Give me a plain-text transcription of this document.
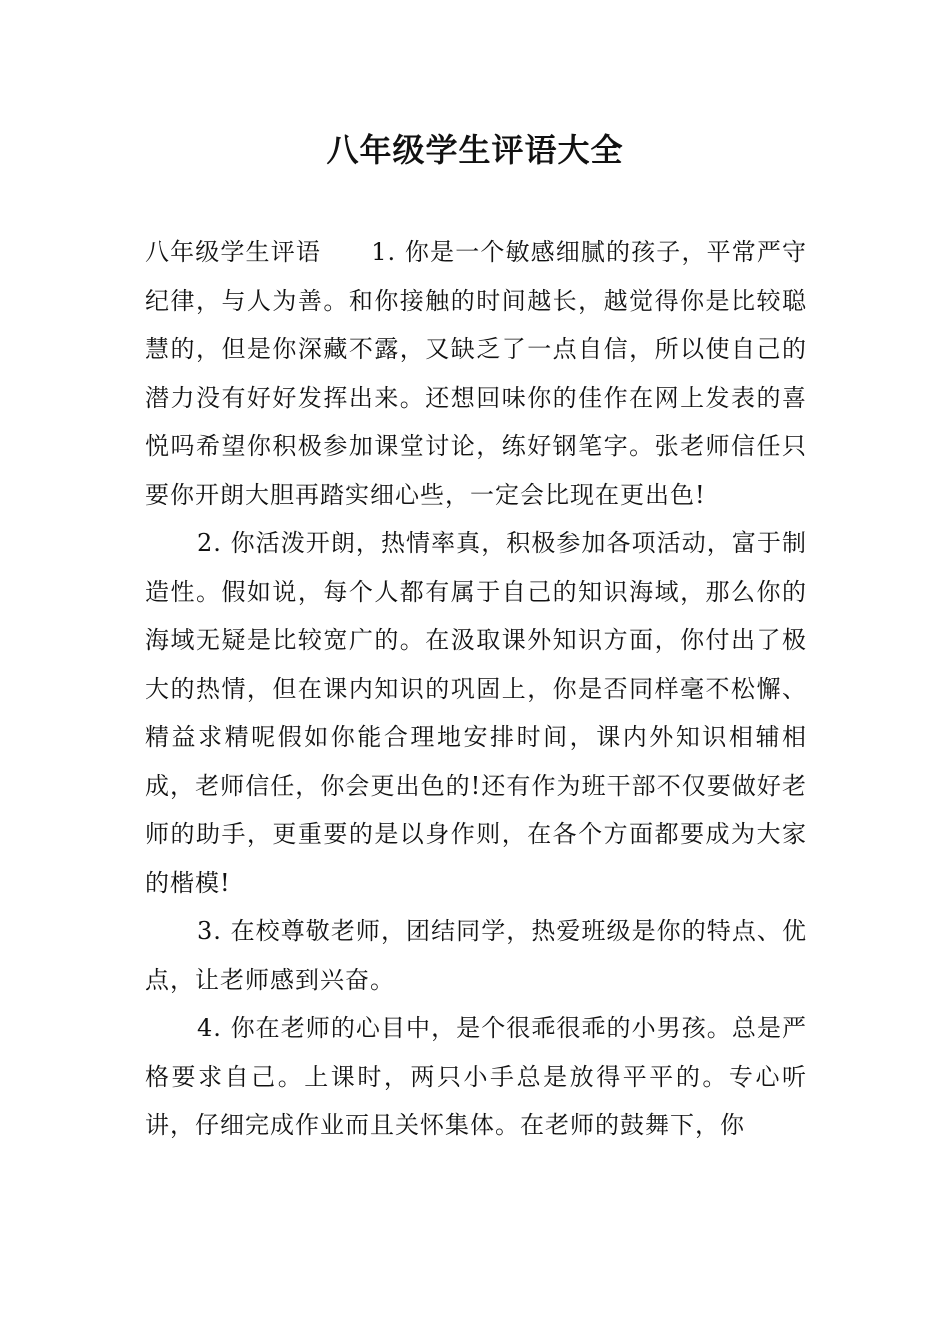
八年级学生评语大全

八年级学生评语　　1. 你是一个敏感细腻的孩子，平常严守纪律，与人为善。和你接触的时间越长，越觉得你是比较聪慧的，但是你深藏不露，又缺乏了一点自信，所以使自己的潜力没有好好发挥出来。还想回味你的佳作在网上发表的喜悦吗希望你积极参加课堂讨论，练好钢笔字。张老师信任只要你开朗大胆再踏实细心些，一定会比现在更出色!

2. 你活泼开朗，热情率真，积极参加各项活动，富于制造性。假如说，每个人都有属于自己的知识海域，那么你的海域无疑是比较宽广的。在汲取课外知识方面，你付出了极大的热情，但在课内知识的巩固上，你是否同样毫不松懈、精益求精呢假如你能合理地安排时间，课内外知识相辅相成，老师信任，你会更出色的!还有作为班干部不仅要做好老师的助手，更重要的是以身作则，在各个方面都要成为大家的楷模!

3. 在校尊敬老师，团结同学，热爱班级是你的特点、优点，让老师感到兴奋。

4. 你在老师的心目中，是个很乖很乖的小男孩。总是严格要求自己。上课时，两只小手总是放得平平的。专心听讲，仔细完成作业而且关怀集体。在老师的鼓舞下，你
